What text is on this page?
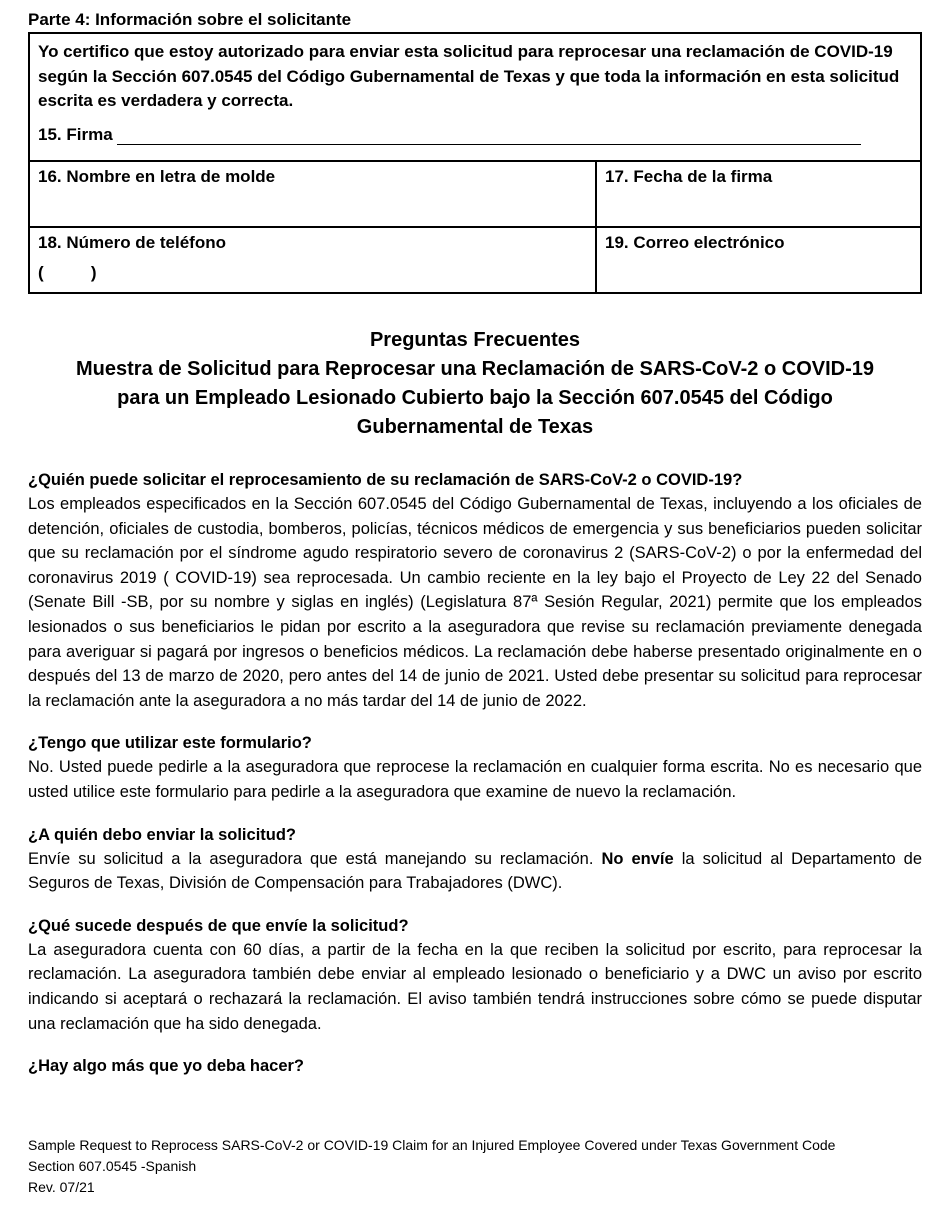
Parte 4: Información sobre el solicitante

Yo certifico que estoy autorizado para enviar esta solicitud para reprocesar una reclamación de COVID-19 según la Sección 607.0545 del Código Gubernamental de Texas y que toda la información en esta solicitud escrita es verdadera y correcta.

15. Firma
16. Nombre en letra de molde	17. Fecha de la firma
18. Número de teléfono
(          )
19. Correo electrónico
Preguntas Frecuentes
Muestra de Solicitud para Reprocesar una Reclamación de SARS-CoV-2 o COVID-19
para un Empleado Lesionado Cubierto bajo la Sección 607.0545 del Código
Gubernamental de Texas

¿Quién puede solicitar el reprocesamiento de su reclamación de SARS-CoV-2 o COVID-19?

Los empleados especificados en la Sección 607.0545 del Código Gubernamental de Texas, incluyendo a los oficiales de detención, oficiales de custodia, bomberos, policías, técnicos médicos de emergencia y sus beneficiarios pueden solicitar que su reclamación por el síndrome agudo respiratorio severo de coronavirus 2 (SARS-CoV-2) o por la enfermedad del coronavirus 2019 ( COVID-19) sea reprocesada. Un cambio reciente en la ley bajo el Proyecto de Ley 22 del Senado (Senate Bill -SB, por su nombre y siglas en inglés) (Legislatura 87ª Sesión Regular, 2021) permite que los empleados lesionados o sus beneficiarios le pidan por escrito a la aseguradora que revise su reclamación previamente denegada para averiguar si pagará por ingresos o beneficios médicos. La reclamación debe haberse presentado originalmente en o después del 13 de marzo de 2020, pero antes del 14 de junio de 2021. Usted debe presentar su solicitud para reprocesar la reclamación ante la aseguradora a no más tardar del 14 de junio de 2022.

¿Tengo que utilizar este formulario?

No. Usted puede pedirle a la aseguradora que reprocese la reclamación en cualquier forma escrita. No es necesario que usted utilice este formulario para pedirle a la aseguradora que examine de nuevo la reclamación.

¿A quién debo enviar la solicitud?

Envíe su solicitud a la aseguradora que está manejando su reclamación. No envíe la solicitud al Departamento de Seguros de Texas, División de Compensación para Trabajadores (DWC).

¿Qué sucede después de que envíe la solicitud?

La aseguradora cuenta con 60 días, a partir de la fecha en la que reciben la solicitud por escrito, para reprocesar la reclamación. La aseguradora también debe enviar al empleado lesionado o beneficiario y a DWC un aviso por escrito indicando si aceptará o rechazará la reclamación. El aviso también tendrá instrucciones sobre cómo se puede disputar una reclamación que ha sido denegada.

¿Hay algo más que yo deba hacer?

Sample Request to Reprocess SARS-CoV-2 or COVID-19 Claim for an Injured Employee Covered under Texas Government Code
Section 607.0545 -Spanish
Rev. 07/21
